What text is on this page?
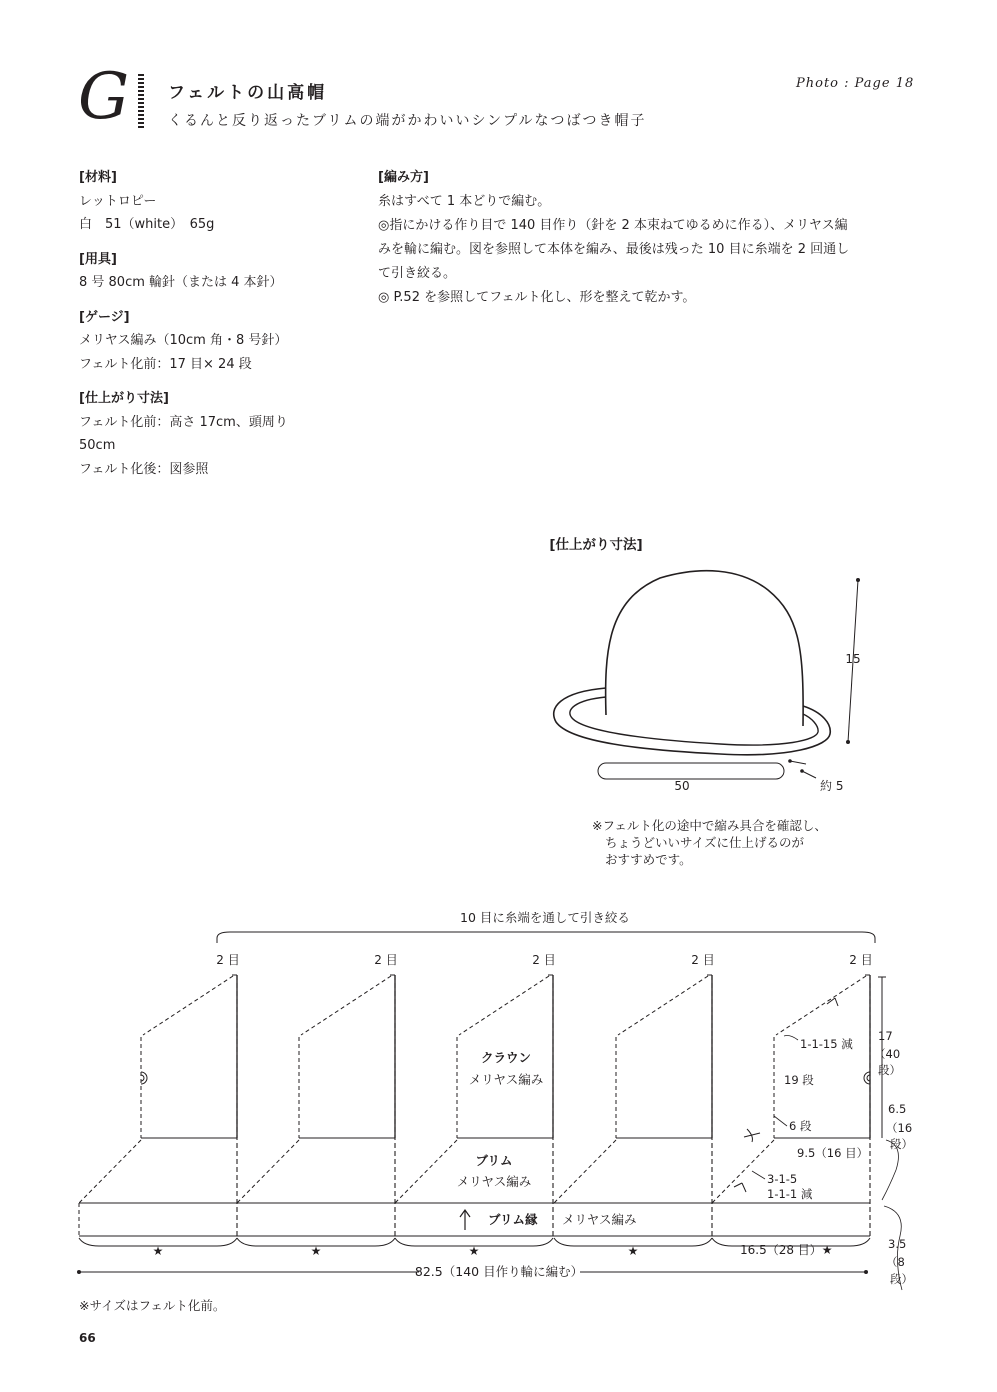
G フェルトの山高帽
くるんと反り返ったブリムの端がかわいいシンプルなつばつき帽子
Photo : Page 18
[材料]
レットロピー
白　51（white）　65g
[用具]
8 号 80cm 輪針（または 4 本針）
[ゲージ]
メリヤス編み（10cm 角・8 号針）
フェルト化前：17 目× 24 段
[仕上がり寸法]
フェルト化前：高さ 17cm、頭周り
50cm
フェルト化後：図参照
[編み方]
糸はすべて 1 本どりで編む。
◎指にかける作り目で 140 目作り（針を 2 本束ねてゆるめに作る）、メリヤス編
みを輪に編む。図を参照して本体を編み、最後は残った 10 目に糸端を 2 回通し
て引き絞る。
◎ P.52 を参照してフェルト化し、形を整えて乾かす。
[仕上がり寸法]
15
50	約 5
※フェルト化の途中で縮み具合を確認し、
ちょうどいいサイズに仕上げるのが
おすすめです。
10 目に糸端を通して引き絞る
クラウン
メリヤス編み
ブリム
メリヤス編み
ブリム縁 メリヤス編み
1-1-15 減
19 段
6 段
9.5（16 目）
3-1-5
1-1-1 減
17
（40
段）
6.5
（16
段）
3.5
（8
段）
82.5（140 目作り輪に編む）
2 目	2 目	2 目	2 目	2 目
★	★	★	★	16.5（28 目）★
※サイズはフェルト化前。
66
